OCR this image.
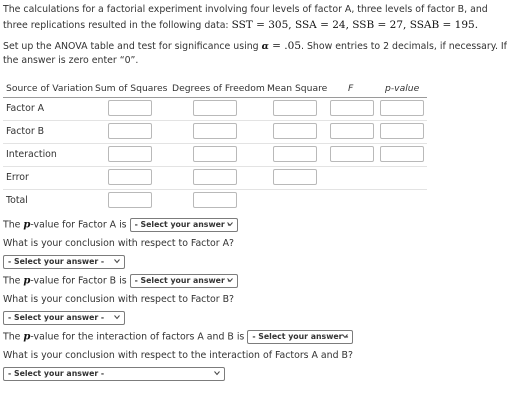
The calculations for a factorial experiment involving four levels of factor A, three levels of factor B, and
three replications resulted in the following data: SST = 305, SSA = 24, SSB = 27, SSAB = 195.
Set up the ANOVA table and test for significance using α = .05. Show entries to 2 decimals, if necessary. If
the answer is zero enter “0”.
Source of Variation Sum of Squares Degrees of Freedom Mean Square F	p-value
Factor A
Factor B
Interaction
Error
Total
The p-value for Factor A is - Select your answer -
What is your conclusion with respect to Factor A?
- Select your answer -
The p-value for Factor B is - Select your answer -
What is your conclusion with respect to Factor B?
- Select your answer -
The p-value for the interaction of factors A and B is - Select your answer -
What is your conclusion with respect to the interaction of Factors A and B?
- Select your answer -
